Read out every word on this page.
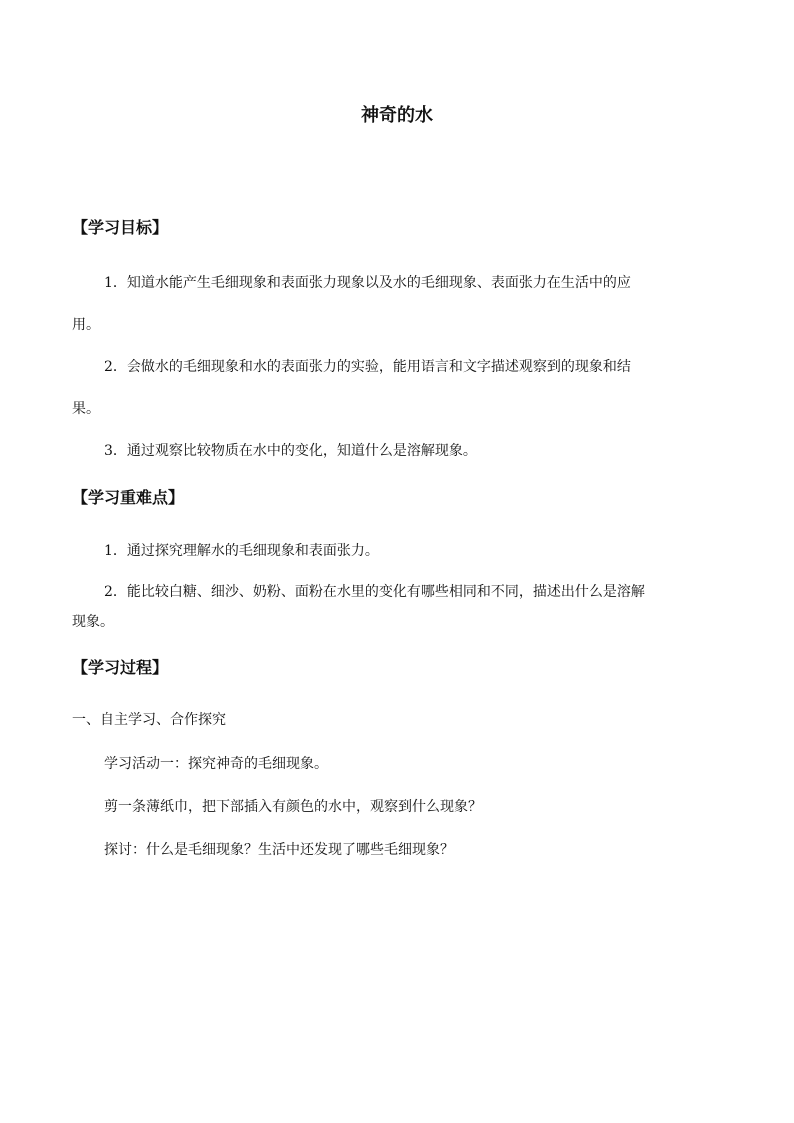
神奇的水
【学习目标】
1．知道水能产生毛细现象和表面张力现象以及水的毛细现象、表面张力在生活中的应
用。
2．会做水的毛细现象和水的表面张力的实验，能用语言和文字描述观察到的现象和结
果。
3．通过观察比较物质在水中的变化，知道什么是溶解现象。
【学习重难点】
1．通过探究理解水的毛细现象和表面张力。
2．能比较白糖、细沙、奶粉、面粉在水里的变化有哪些相同和不同，描述出什么是溶解
现象。
【学习过程】
一、自主学习、合作探究
学习活动一：探究神奇的毛细现象。
剪一条薄纸巾，把下部插入有颜色的水中，观察到什么现象？
探讨：什么是毛细现象？生活中还发现了哪些毛细现象？
